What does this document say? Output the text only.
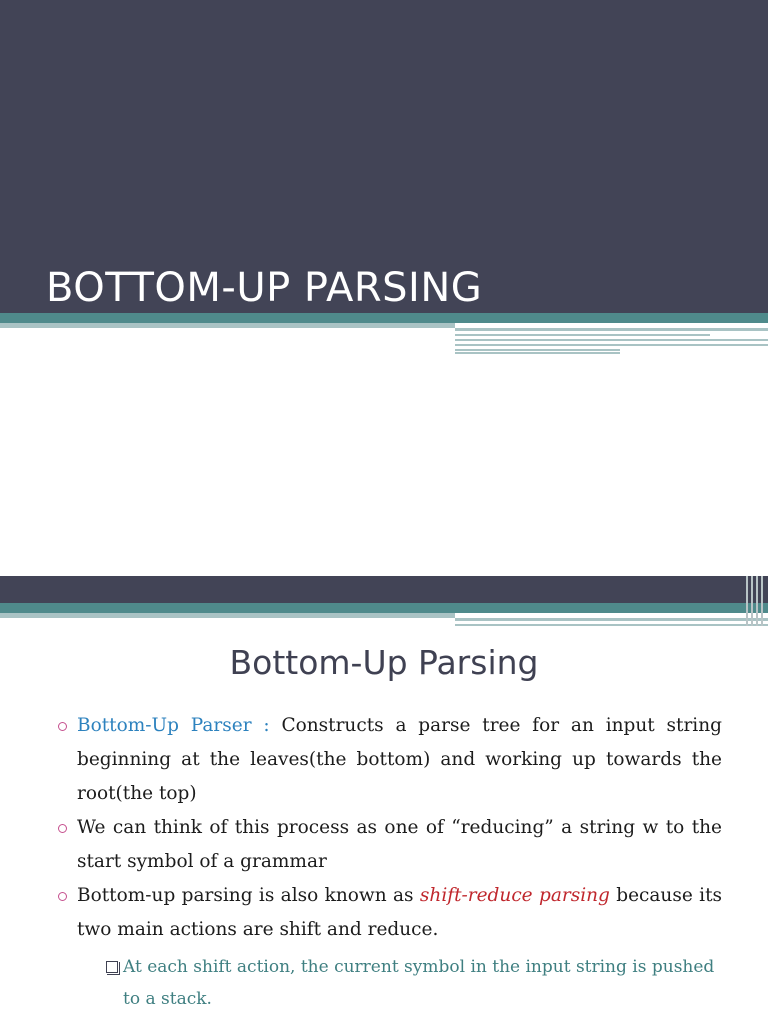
BOTTOM-UP PARSING
Bottom-Up Parsing
Bottom-Up Parser : Constructs a parse tree for an input string beginning at the leaves(the bottom) and working up towards the root(the top)
We can think of this process as one of “reducing” a string w to the start symbol of a grammar
Bottom-up parsing is also known as shift-reduce parsing because its two main actions are shift and reduce.
At each shift action, the current symbol in the input string is pushed to a stack.
